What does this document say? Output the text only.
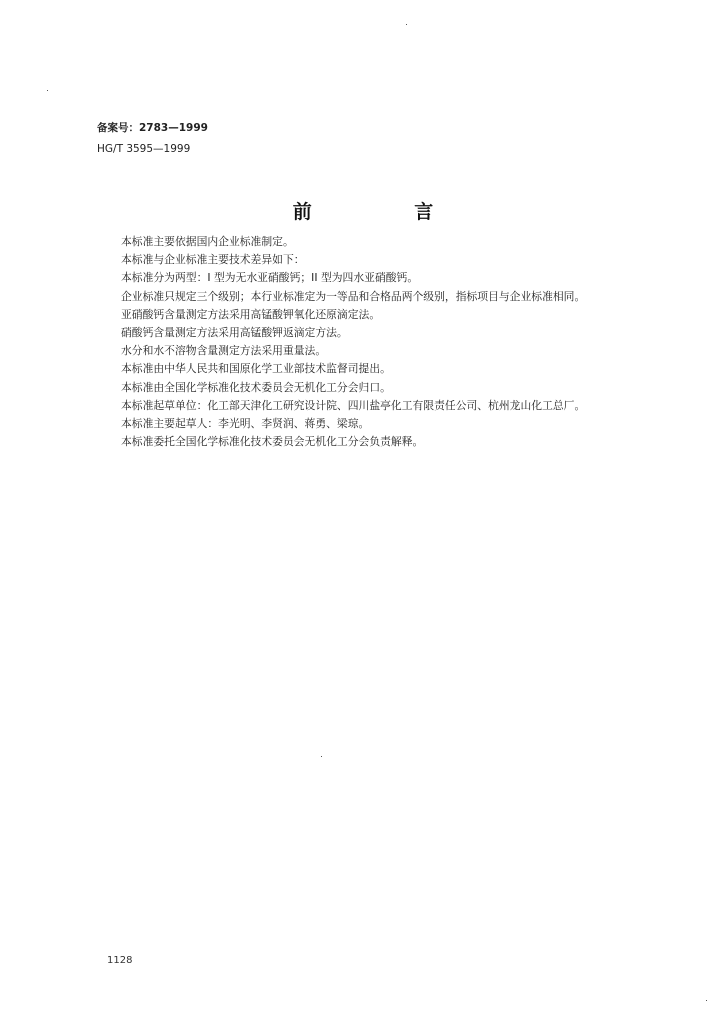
备案号：2783—1999
HG/T 3595—1999
前 言
本标准主要依据国内企业标准制定。
本标准与企业标准主要技术差异如下：
本标准分为两型：I 型为无水亚硝酸钙；II 型为四水亚硝酸钙。
企业标准只规定三个级别；本行业标准定为一等品和合格品两个级别，指标项目与企业标准相同。
亚硝酸钙含量测定方法采用高锰酸钾氧化还原滴定法。
硝酸钙含量测定方法采用高锰酸钾返滴定方法。
水分和水不溶物含量测定方法采用重量法。
本标准由中华人民共和国原化学工业部技术监督司提出。
本标准由全国化学标准化技术委员会无机化工分会归口。
本标准起草单位：化工部天津化工研究设计院、四川盐亭化工有限责任公司、杭州龙山化工总厂。
本标准主要起草人：李光明、李贤润、蒋勇、梁琼。
本标准委托全国化学标准化技术委员会无机化工分会负责解释。
1128
